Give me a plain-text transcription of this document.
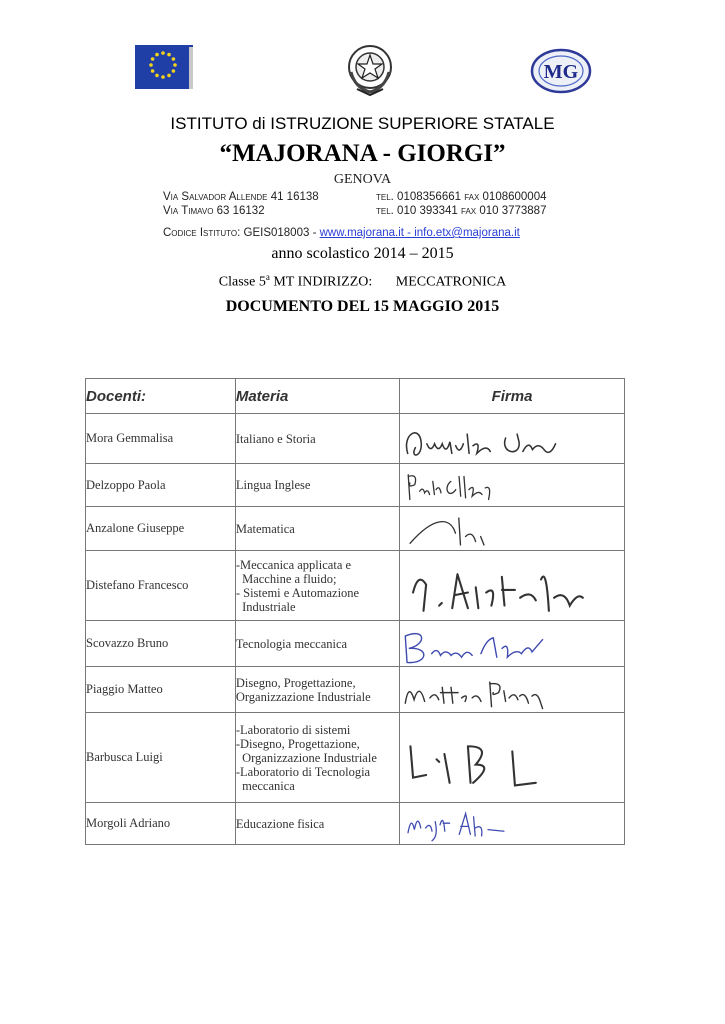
MG
ISTITUTO di ISTRUZIONE SUPERIORE STATALE
“MAJORANA - GIORGI”
GENOVA
Via Salvador Allende 41 16138	tel. 0108356661 fax 0108600004
Via Timavo 63 16132	tel. 010 393341 fax 010 3773887
Codice Istituto: GEIS018003 - www.majorana.it - info.etx@majorana.it
anno scolastico 2014 – 2015
Classe 5$^a$ MT INDIRIZZO: MECCATRONICA
DOCUMENTO DEL 15 MAGGIO 2015
Docenti:	Materia	Firma
Mora Gemmalisa	Italiano e Storia

Delzoppo Paola	Lingua Inglese

Anzalone Giuseppe	Matematica

Distefano Francesco	-Meccanica applicata e
Macchine a fluido;
- Sistemi e Automazione
Industriale

Scovazzo Bruno	Tecnologia meccanica

Piaggio Matteo	Disegno, Progettazione,
Organizzazione Industriale

Barbusca Luigi	-Laboratorio di sistemi
-Disegno, Progettazione,
Organizzazione Industriale
-Laboratorio di Tecnologia
meccanica

Morgoli Adriano	Educazione fisica
